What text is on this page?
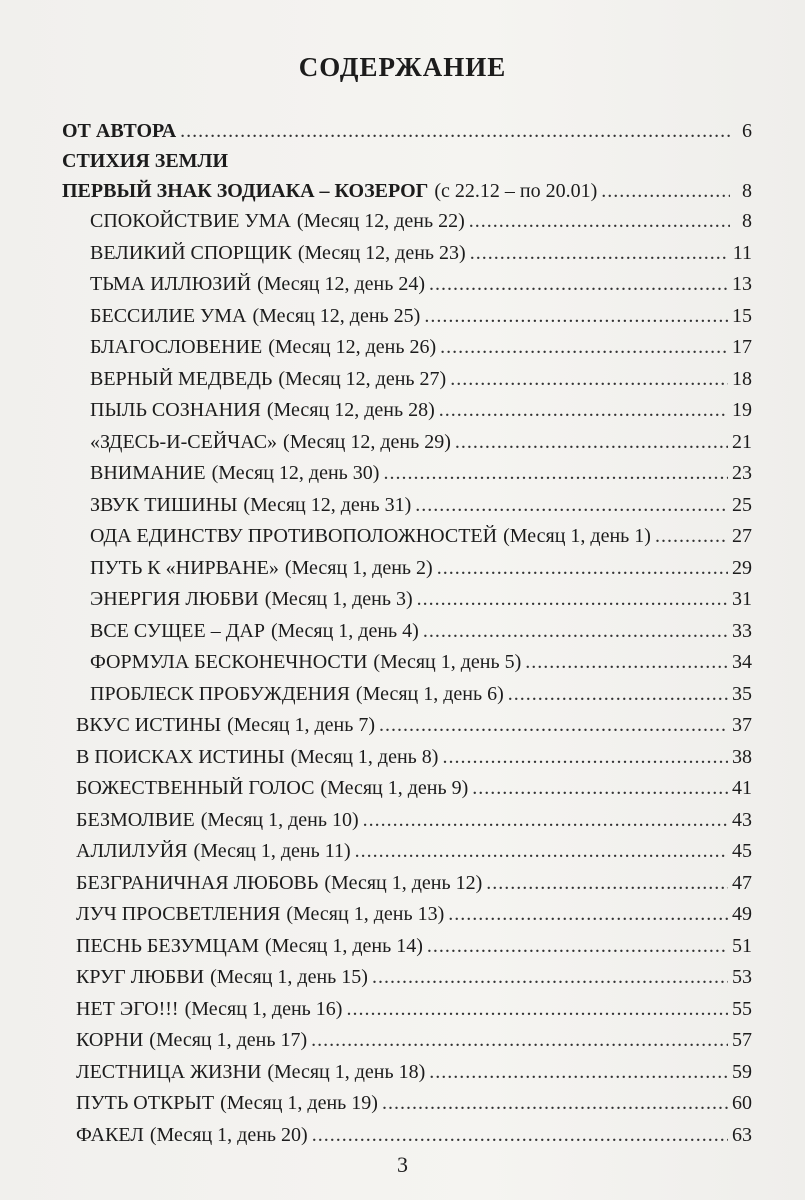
СОДЕРЖАНИЕ
ОТ АВТОРА .....	6
СТИХИЯ ЗЕМЛИ
ПЕРВЫЙ ЗНАК ЗОДИАКА – КОЗЕРОГ (с 22.12 – по 20.01) .....	8
СПОКОЙСТВИЕ УМА (Месяц 12, день 22) .....	8
ВЕЛИКИЙ СПОРЩИК (Месяц 12, день 23) .....	11
ТЬМА ИЛЛЮЗИЙ (Месяц 12, день 24) .....	13
БЕССИЛИЕ УМА (Месяц 12, день 25) .....	15
БЛАГОСЛОВЕНИЕ (Месяц 12, день 26) .....	17
ВЕРНЫЙ МЕДВЕДЬ (Месяц 12, день 27) .....	18
ПЫЛЬ СОЗНАНИЯ (Месяц 12, день 28) .....	19
«ЗДЕСЬ-И-СЕЙЧАС» (Месяц 12, день 29) .....	21
ВНИМАНИЕ (Месяц 12, день 30) .....	23
ЗВУК ТИШИНЫ (Месяц 12, день 31) .....	25
ОДА ЕДИНСТВУ ПРОТИВОПОЛОЖНОСТЕЙ (Месяц 1, день 1) .....	27
ПУТЬ К «НИРВАНЕ» (Месяц 1, день 2) .....	29
ЭНЕРГИЯ ЛЮБВИ (Месяц 1, день 3) .....	31
ВСЕ СУЩЕЕ – ДАР (Месяц 1, день 4) .....	33
ФОРМУЛА БЕСКОНЕЧНОСТИ (Месяц 1, день 5) .....	34
ПРОБЛЕСК ПРОБУЖДЕНИЯ (Месяц 1, день 6) .....	35
ВКУС ИСТИНЫ (Месяц 1, день 7) .....	37
В ПОИСКАХ ИСТИНЫ (Месяц 1, день 8) .....	38
БОЖЕСТВЕННЫЙ ГОЛОС (Месяц 1, день 9) .....	41
БЕЗМОЛВИЕ (Месяц 1, день 10) .....	43
АЛЛИЛУЙЯ (Месяц 1, день 11) .....	45
БЕЗГРАНИЧНАЯ ЛЮБОВЬ (Месяц 1, день 12) .....	47
ЛУЧ ПРОСВЕТЛЕНИЯ (Месяц 1, день 13) .....	49
ПЕСНЬ БЕЗУМЦАМ (Месяц 1, день 14) .....	51
КРУГ ЛЮБВИ (Месяц 1, день 15) .....	53
НЕТ ЭГО!!! (Месяц 1, день 16) .....	55
КОРНИ (Месяц 1, день 17) .....	57
ЛЕСТНИЦА ЖИЗНИ (Месяц 1, день 18) .....	59
ПУТЬ ОТКРЫТ (Месяц 1, день 19) .....	60
ФАКЕЛ (Месяц 1, день 20) .....	63
3
